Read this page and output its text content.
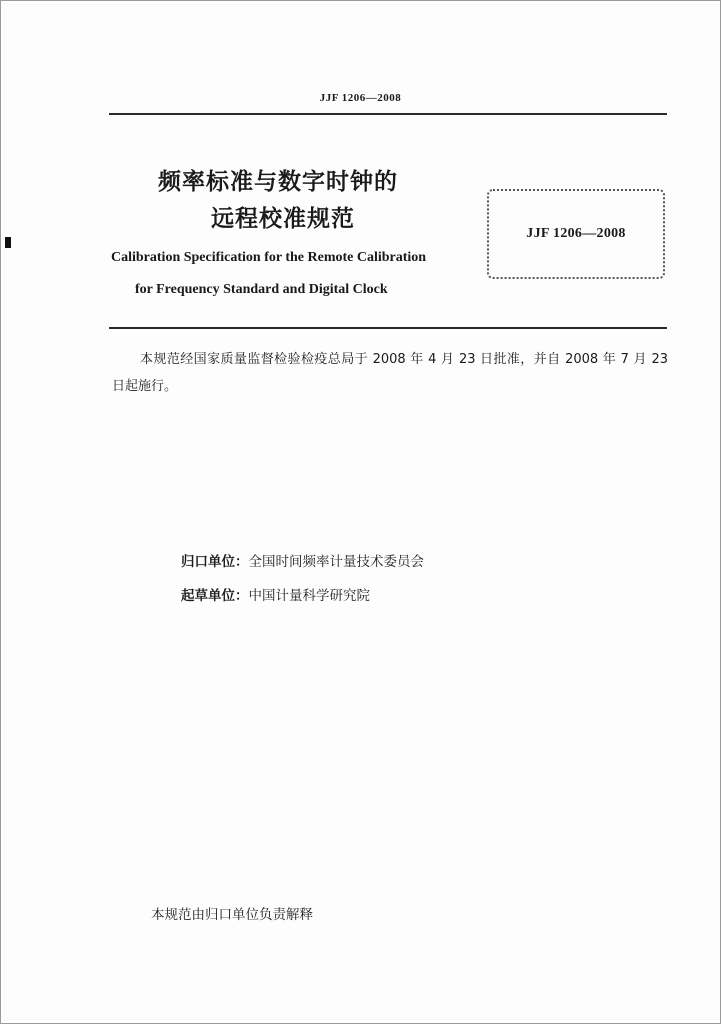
JJF 1206—2008
频率标准与数字时钟的
远程校准规范
Calibration Specification for the Remote Calibration
for Frequency Standard and Digital Clock
JJF 1206—2008
本规范经国家质量监督检验检疫总局于 2008 年 4 月 23 日批准，并自 2008 年 7 月 23 日起施行。
归口单位：全国时间频率计量技术委员会
起草单位：中国计量科学研究院
本规范由归口单位负责解释
